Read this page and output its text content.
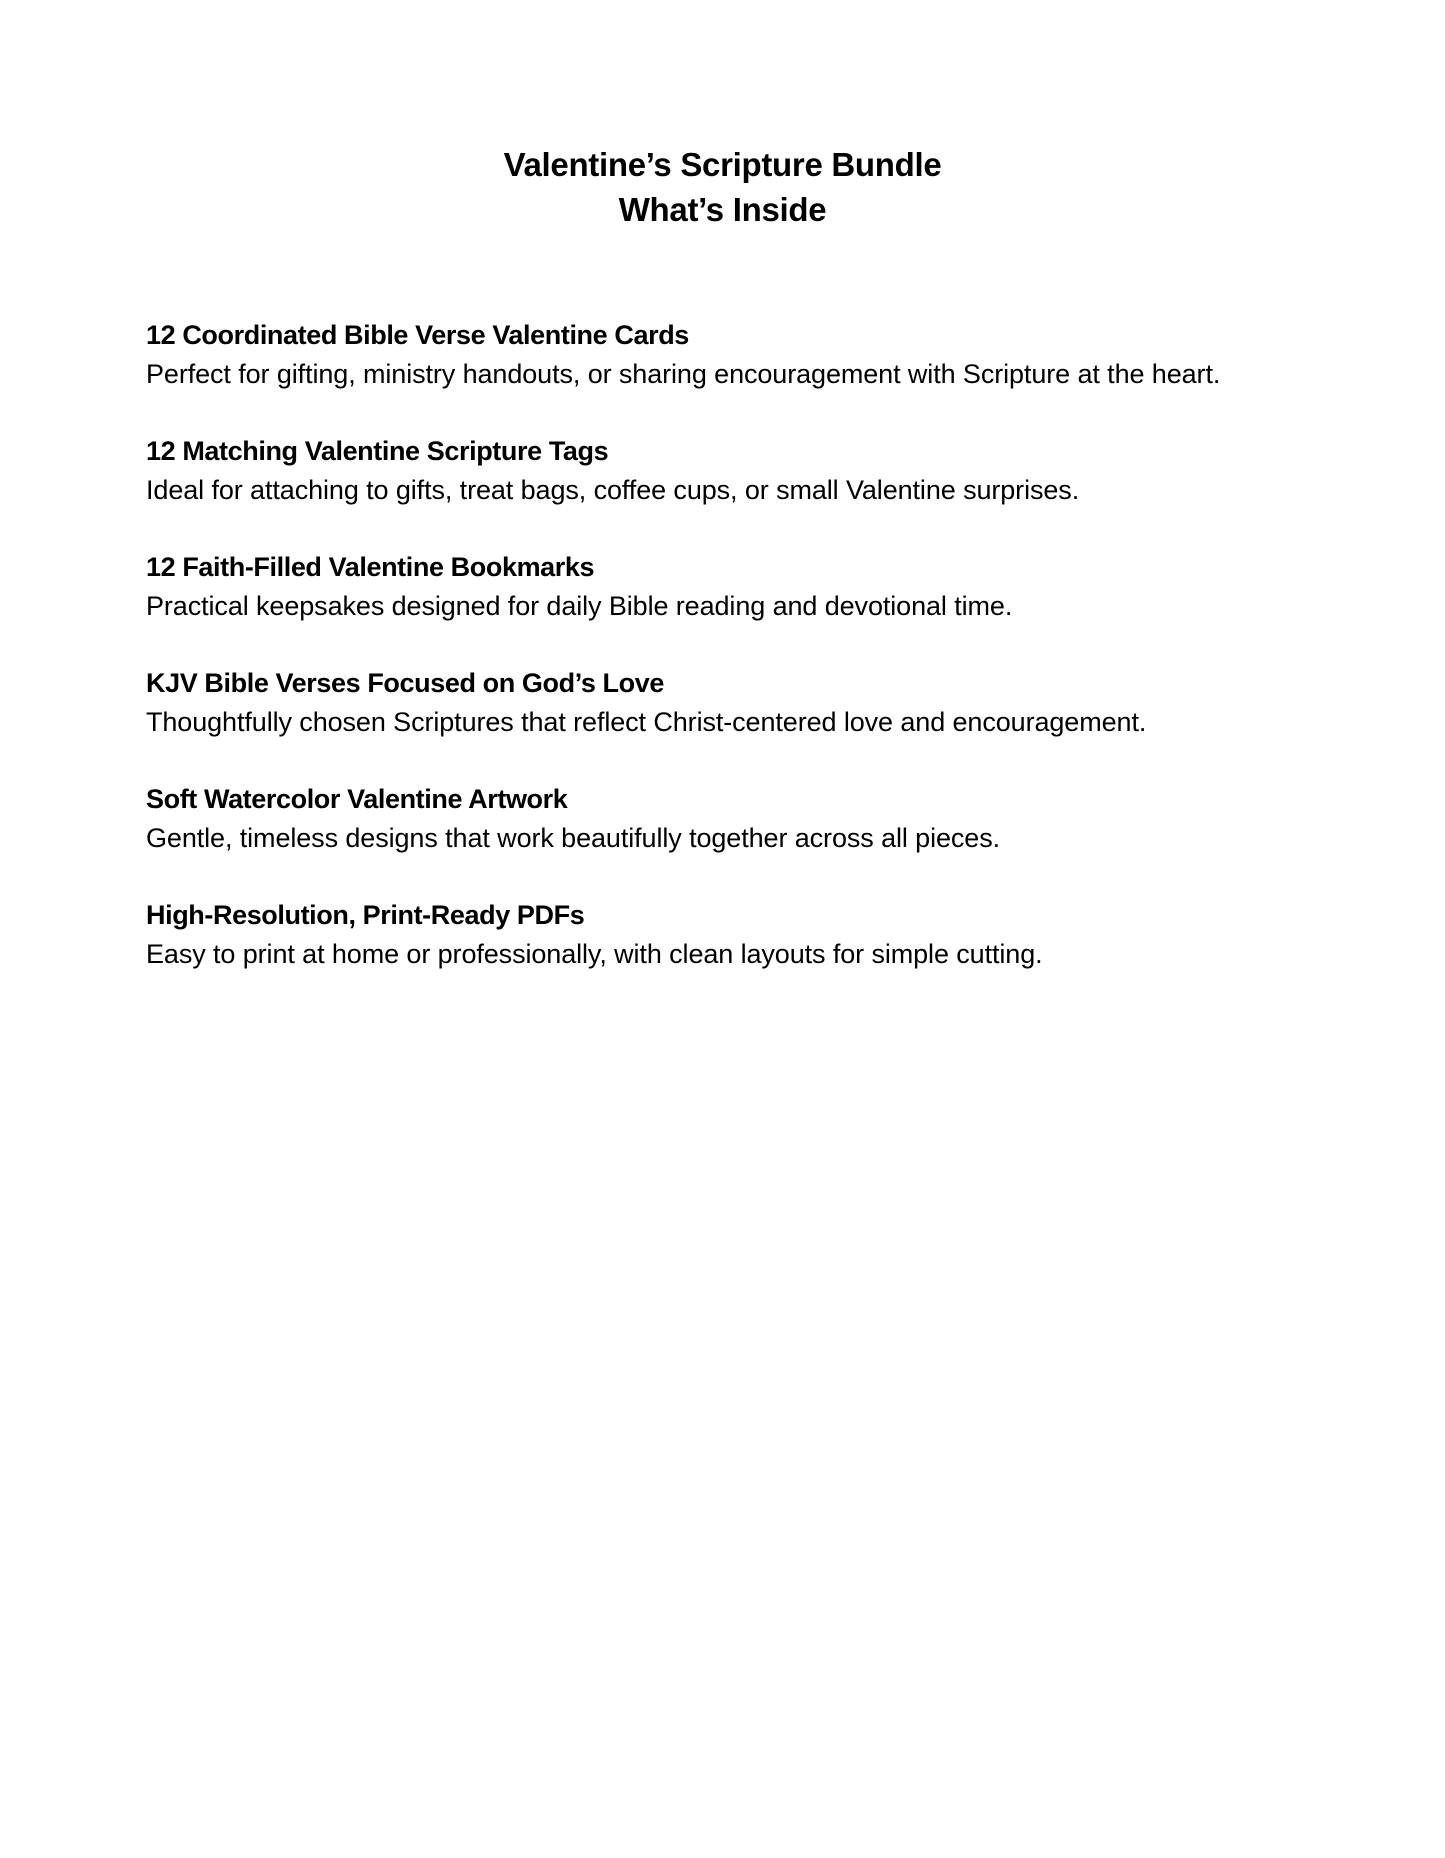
Valentine’s Scripture Bundle

What’s Inside

12 Coordinated Bible Verse Valentine Cards

Perfect for gifting, ministry handouts, or sharing encouragement with Scripture at the heart.

12 Matching Valentine Scripture Tags

Ideal for attaching to gifts, treat bags, coffee cups, or small Valentine surprises.

12 Faith-Filled Valentine Bookmarks

Practical keepsakes designed for daily Bible reading and devotional time.

KJV Bible Verses Focused on God’s Love

Thoughtfully chosen Scriptures that reflect Christ-centered love and encouragement.

Soft Watercolor Valentine Artwork

Gentle, timeless designs that work beautifully together across all pieces.

High-Resolution, Print-Ready PDFs

Easy to print at home or professionally, with clean layouts for simple cutting.
